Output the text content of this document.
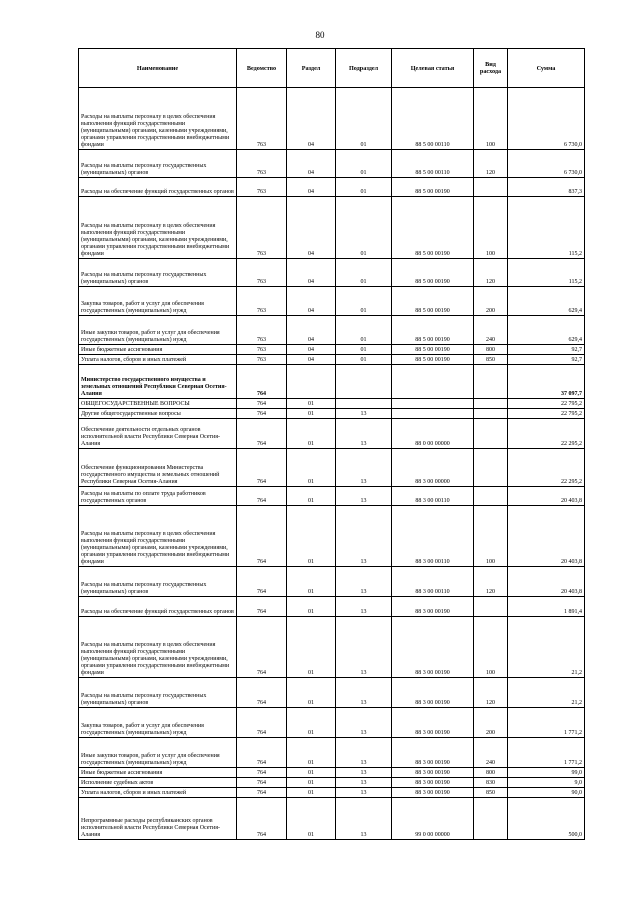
80
Наименование	Ведомство	Раздел	Подраздел	Целевая статья	Вид расхода	Сумма
Расходы на выплаты персоналу в целях обеспечения выполнения функций государственными (муниципальными) органами, казенными учреждениями, органами управления государственными внебюджетными фондами	763	04	01	88 5 00 00110	100	6 730,0
Расходы на выплаты персоналу государственных (муниципальных) органов	763	04	01	88 5 00 00110	120	6 730,0
Расходы на обеспечение функций государственных органов	763	04	01	88 5 00 00190		837,3
Расходы на выплаты персоналу в целях обеспечения выполнения функций государственными (муниципальными) органами, казенными учреждениями, органами управления государственными внебюджетными фондами	763	04	01	88 5 00 00190	100	115,2
Расходы на выплаты персоналу государственных (муниципальных) органов	763	04	01	88 5 00 00190	120	115,2
Закупка товаров, работ и услуг для обеспечения государственных (муниципальных) нужд	763	04	01	88 5 00 00190	200	629,4
Иные закупки товаров, работ и услуг для обеспечения государственных (муниципальных) нужд	763	04	01	88 5 00 00190	240	629,4
Иные бюджетные ассигнования	763	04	01	88 5 00 00190	800	92,7
Уплата налогов, сборов и иных платежей	763	04	01	88 5 00 00190	850	92,7
Министерство государственного имущества и земельных отношений Республики Северная Осетия-Алания	764					37 097,7
ОБЩЕГОСУДАРСТВЕННЫЕ ВОПРОСЫ	764	01				22 795,2
Другие общегосударственные вопросы	764	01	13			22 795,2
Обеспечение деятельности отдельных органов исполнительной власти Республики Северная Осетия-Алания	764	01	13	88 0 00 00000		22 295,2
Обеспечение функционирования Министерства государственного имущества и земельных отношений Республики Северная Осетия-Алания	764	01	13	88 3 00 00000		22 295,2
Расходы на выплаты по оплате труда работников государственных органов	764	01	13	88 3 00 00110		20 403,8
Расходы на выплаты персоналу в целях обеспечения выполнения функций государственными (муниципальными) органами, казенными учреждениями, органами управления государственными внебюджетными фондами	764	01	13	88 3 00 00110	100	20 403,8
Расходы на выплаты персоналу государственных (муниципальных) органов	764	01	13	88 3 00 00110	120	20 403,8
Расходы на обеспечение функций государственных органов	764	01	13	88 3 00 00190		1 891,4
Расходы на выплаты персоналу в целях обеспечения выполнения функций государственными (муниципальными) органами, казенными учреждениями, органами управления государственными внебюджетными фондами	764	01	13	88 3 00 00190	100	21,2
Расходы на выплаты персоналу государственных (муниципальных) органов	764	01	13	88 3 00 00190	120	21,2
Закупка товаров, работ и услуг для обеспечения государственных (муниципальных) нужд	764	01	13	88 3 00 00190	200	1 771,2
Иные закупки товаров, работ и услуг для обеспечения государственных (муниципальных) нужд	764	01	13	88 3 00 00190	240	1 771,2
Иные бюджетные ассигнования	764	01	13	88 3 00 00190	800	99,0
Исполнение судебных актов	764	01	13	88 3 00 00190	830	9,0
Уплата налогов, сборов и иных платежей	764	01	13	88 3 00 00190	850	90,0
Непрограммные расходы республиканских органов исполнительной власти Республики Северная Осетия-Алания	764	01	13	99 0 00 00000		500,0
